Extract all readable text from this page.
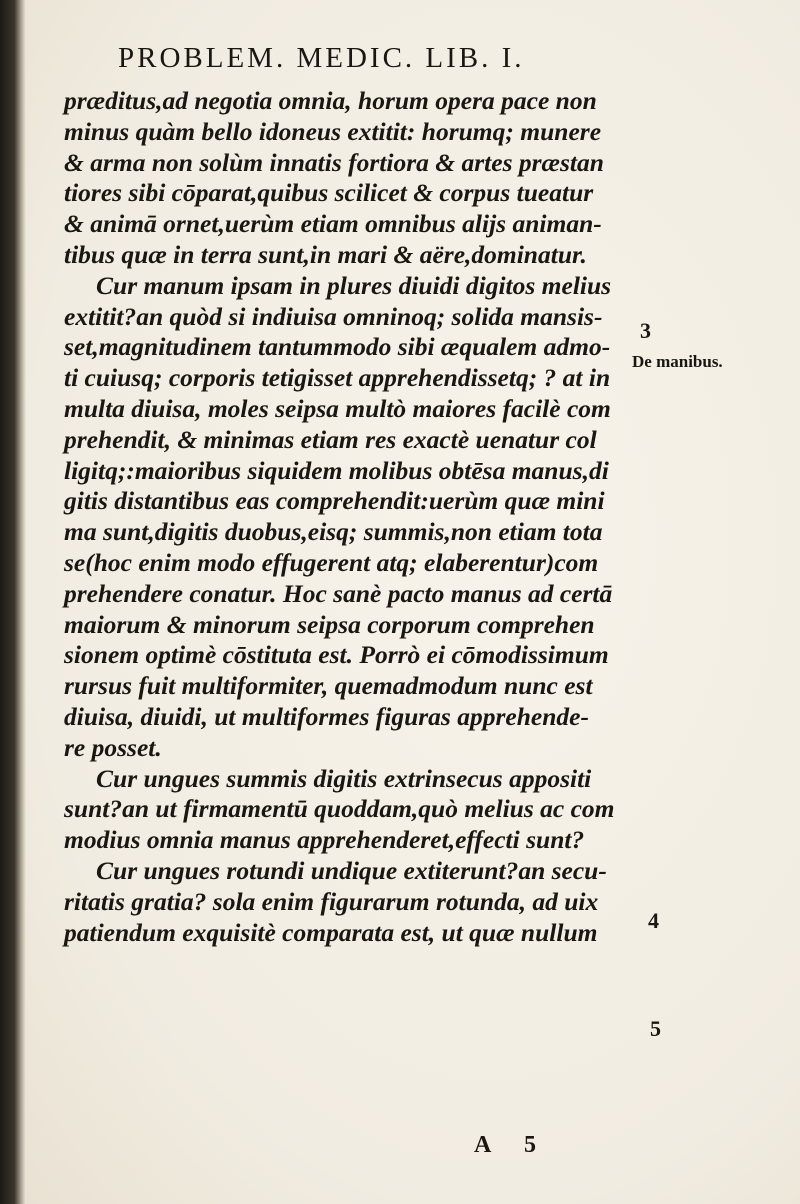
PROBLEM. MEDIC. LIB. I.
præditus,ad negotia omnia, horum opera pace non
minus quàm bello idoneus extitit: horumq; munere
& arma non solùm innatis fortiora & artes præstan
tiores sibi cōparat,quibus scilicet & corpus tueatur
& animā ornet,uerùm etiam omnibus alijs animan-
tibus quæ in terra sunt,in mari & aëre,dominatur.
Cur manum ipsam in plures diuidi digitos melius
extitit?an quòd si indiuisa omninoq; solida mansis-
set,magnitudinem tantummodo sibi æqualem admo-
ti cuiusq; corporis tetigisset apprehendissetq; ? at in
multa diuisa, moles seipsa multò maiores facilè com
prehendit, & minimas etiam res exactè uenatur col
ligitq;:maioribus siquidem molibus obtēsa manus,di
gitis distantibus eas comprehendit:uerùm quæ mini
ma sunt,digitis duobus,eisq; summis,non etiam tota
se(hoc enim modo effugerent atq; elaberentur)com
prehendere conatur. Hoc sanè pacto manus ad certā
maiorum & minorum seipsa corporum comprehen
sionem optimè cōstituta est. Porrò ei cōmodissimum
rursus fuit multiformiter, quemadmodum nunc est
diuisa, diuidi, ut multiformes figuras apprehende-
re posset.
Cur ungues summis digitis extrinsecus appositi
sunt?an ut firmamentū quoddam,quò melius ac com
modius omnia manus apprehenderet,effecti sunt?
Cur ungues rotundi undique extiterunt?an secu-
ritatis gratia? sola enim figurarum rotunda, ad uix
patiendum exquisitè comparata est, ut quæ nullum
3
De manibus.
4
5
A 5
